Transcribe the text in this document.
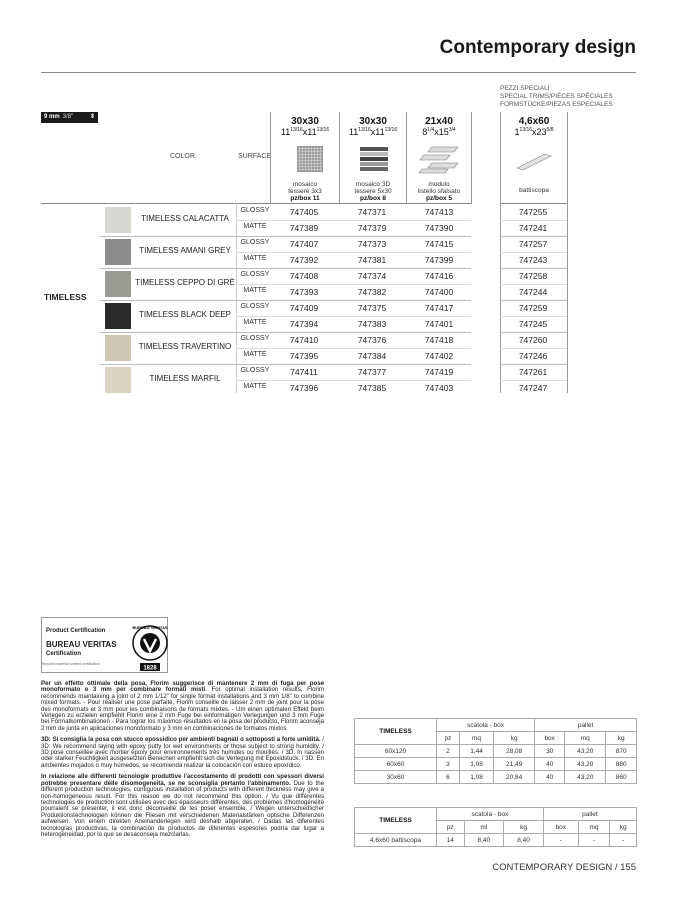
Contemporary design
PEZZI SPECIALI
SPECIAL TRIMS/PIÈCES SPÉCIALES
FORMSTÜCKE/PIEZAS ESPECIALES
9 mm 3/8"	⇕	30x30
$11^{13/16}x11^{13/16}$
30x30
$11^{13/16}x11^{13/16}$
21x40
$8^{1/4}x15^{3/4}$
4,6x60
$1^{13/16}x23^{5/8}$
COLOR	SURFACE
mosaico
tessere 3x3
pz/box 11
mosaico 3D
tessere 5x30
pz/box 8
modulo
listello sfalsato
pz/box 5
battiscopa
TIMELESS
TIMELESS CALACATTA
GLOSSY	747405	747371	747413	747255
MATTE	747389	747379	747390	747241
TIMELESS AMANI GREY
GLOSSY	747407	747373	747415	747257
MATTE	747392	747381	747399	747243
TIMELESS CEPPO DI GRÈ
GLOSSY	747408	747374	747416	747258
MATTE	747393	747382	747400	747244
TIMELESS BLACK DEEP
GLOSSY	747409	747375	747417	747259
MATTE	747394	747383	747401	747245
TIMELESS TRAVERTINO
GLOSSY	747410	747376	747418	747260
MATTE	747395	747384	747402	747246
TIMELESS MARFIL
GLOSSY	747411	747377	747419	747261
MATTE	747396	747385	747403	747247
Product Certification
BUREAU VERITAS
Certification
BUREAU VERITAS
1828
Recycled material content certification

Per un effetto ottimale della posa, Florim suggerisce di mantenere 2 mm di fuga per pose monoformato e 3 mm per combinare formati misti. For optimal installation results, Florim recommends maintaining a joint of 2 mm 1/12" for single format installations and 3 mm 1/8" to combine mixed formats. - Pour réaliser une pose parfaite, Florim conseille de laisser 2 mm de joint pour la pose des monoformats et 3 mm pour les combinaisons de formats mixtes. - Um einen optimalen Effekt beim Verlegen zu erzielen empfiehlt Florim eine 2 mm Fuge bei einformatigen Verlegungen und 3 mm Fuge bei Formatkombinationen - Para lograr los máximos resultados en la posa del producto, Florim aconseja 2 mm de junta en aplicaciones monoformato y 3 mm en combinaciones de formatos mixtos

3D: Si consiglia la posa con stucco epossidico per ambienti bagnati o sottoposti a forte umidità. / 3D: We recommend laying with epoxy putty for wet environments or those subject to strong humidity. / 3D:pose conseillée avec mortier époxy pour environnements très humides ou mouillés. / 3D: In nassen oder starker Feuchtigkeit ausgesetzten Bereichen empfiehlt sich die Verlegung mit Epoxidstuck. / 3D: En ambientes mojados o muy húmedos, se recomienda realizar la colocación con estuco epoxídico.

In relazione alle differenti tecnologie produttive l'accostamento di prodotti con spessori diversi potrebbe presentare delle disomogeneità, se ne sconsiglia pertanto l'abbinamento. Due to the different production technologies, contiguous installation of products with different thickness may give a non-homogeneous result. For this reason we do not recommend this option. / Vu que différentes technologies de production sont utilisées avec des épaisseurs différentes, des problèmes d'homogénéité pourraient se présenter, il est donc déconseillé de les poser ensemble. / Wegen unterschiedlicher Produktionstechnologien können die Fliesen mit verschiedenen Materialstärken optische Differenzen aufweisen. Von einem direkten Aneinanderlegen wird deshalb abgeraten. / Dadas las diferentes tecnologías productivas, la combinación de productos de diferentes espesores podría dar lugar a heterogeneidad, por lo que se desaconseja mezclarlas.

TIMELESS	scatola - box			pallet		
	pz	mq	kg	box	mq	kg
60x120	2	1,44	28,08	30	43,20	870
60x60	3	1,08	21,49	40	43,20	880
30x60	6	1,08	20,84	40	43,20	860
TIMELESS	scatola - box			pallet		
	pz	ml	kg	box	mq	kg
4,6x60 battiscopa	14	8,40	8,40	-	-	-
CONTEMPORARY DESIGN / 155
